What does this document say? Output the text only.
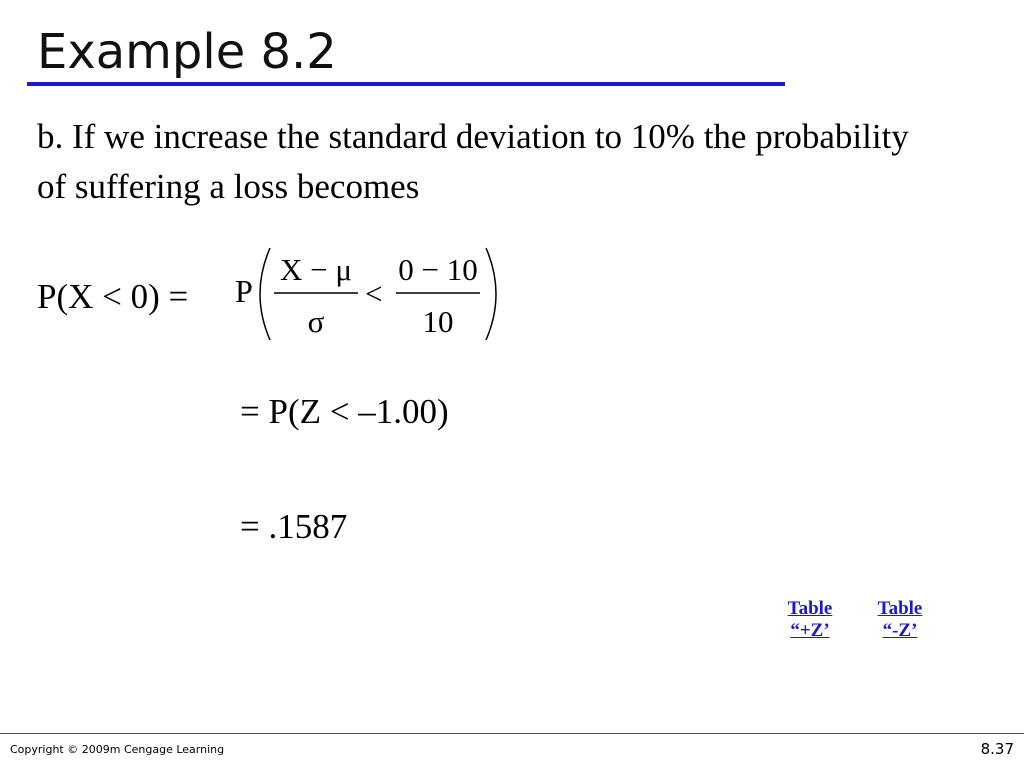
Example 8.2
b. If we increase the standard deviation to 10% the probability of suffering a loss becomes
P(X < 0) = P
X − μ
σ
<
0 − 10
10
= P(Z < –1.00)
= .1587
Table
“+Z’
Table
“-Z’
Copyright © 2009m Cengage Learning	8.37
